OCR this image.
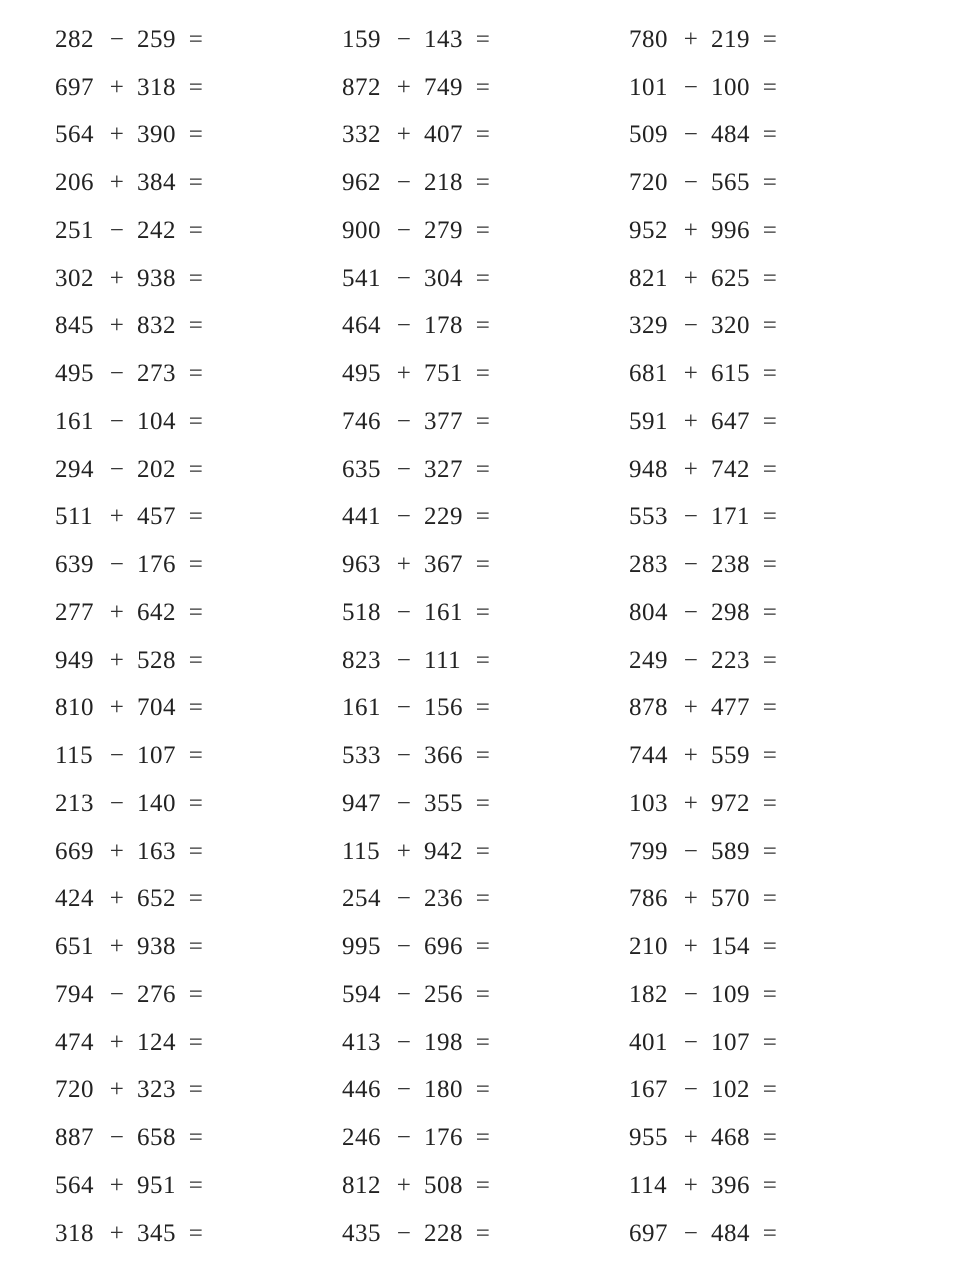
282 − 259 =
697 + 318 =
564 + 390 =
206 + 384 =
251 − 242 =
302 + 938 =
845 + 832 =
495 − 273 =
161 − 104 =
294 − 202 =
511 + 457 =
639 − 176 =
277 + 642 =
949 + 528 =
810 + 704 =
115 − 107 =
213 − 140 =
669 + 163 =
424 + 652 =
651 + 938 =
794 − 276 =
474 + 124 =
720 + 323 =
887 − 658 =
564 + 951 =
318 + 345 =
159 − 143 =
872 + 749 =
332 + 407 =
962 − 218 =
900 − 279 =
541 − 304 =
464 − 178 =
495 + 751 =
746 − 377 =
635 − 327 =
441 − 229 =
963 + 367 =
518 − 161 =
823 − 111 =
161 − 156 =
533 − 366 =
947 − 355 =
115 + 942 =
254 − 236 =
995 − 696 =
594 − 256 =
413 − 198 =
446 − 180 =
246 − 176 =
812 + 508 =
435 − 228 =
780 + 219 =
101 − 100 =
509 − 484 =
720 − 565 =
952 + 996 =
821 + 625 =
329 − 320 =
681 + 615 =
591 + 647 =
948 + 742 =
553 − 171 =
283 − 238 =
804 − 298 =
249 − 223 =
878 + 477 =
744 + 559 =
103 + 972 =
799 − 589 =
786 + 570 =
210 + 154 =
182 − 109 =
401 − 107 =
167 − 102 =
955 + 468 =
114 + 396 =
697 − 484 =
